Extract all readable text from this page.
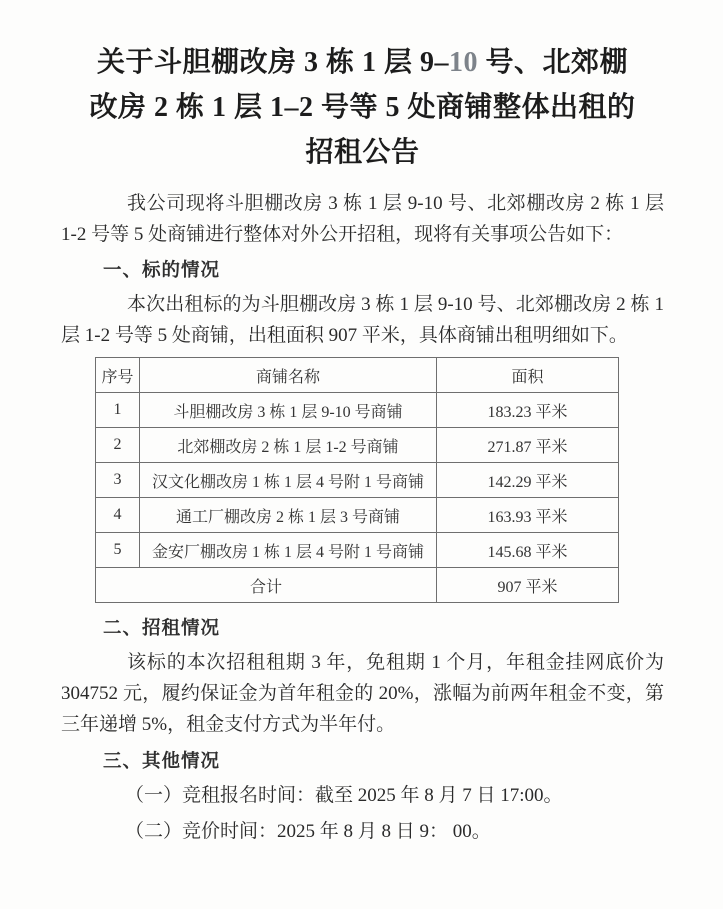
关于斗胆棚改房 3 栋 1 层 9–10 号、北郊棚改房 2 栋 1 层 1–2 号等 5 处商铺整体出租的招租公告

我公司现将斗胆棚改房 3 栋 1 层 9-10 号、北郊棚改房 2 栋 1 层 1-2 号等 5 处商铺进行整体对外公开招租，现将有关事项公告如下：

一、标的情况

本次出租标的为斗胆棚改房 3 栋 1 层 9-10 号、北郊棚改房 2 栋 1 层 1-2 号等 5 处商铺，出租面积 907 平米，具体商铺出租明细如下。

序号	商铺名称	面积
1	斗胆棚改房 3 栋 1 层 9-10 号商铺	183.23 平米
2	北郊棚改房 2 栋 1 层 1-2 号商铺	271.87 平米
3	汉文化棚改房 1 栋 1 层 4 号附 1 号商铺	142.29 平米
4	通工厂棚改房 2 栋 1 层 3 号商铺	163.93 平米
5	金安厂棚改房 1 栋 1 层 4 号附 1 号商铺	145.68 平米
合计		907 平米
二、招租情况

该标的本次招租租期 3 年，免租期 1 个月，年租金挂网底价为 304752 元，履约保证金为首年租金的 20%，涨幅为前两年租金不变，第三年递增 5%，租金支付方式为半年付。

三、其他情况

（一）竞租报名时间：截至 2025 年 8 月 7 日 17:00。

（二）竞价时间：2025 年 8 月 8 日 9： 00。
